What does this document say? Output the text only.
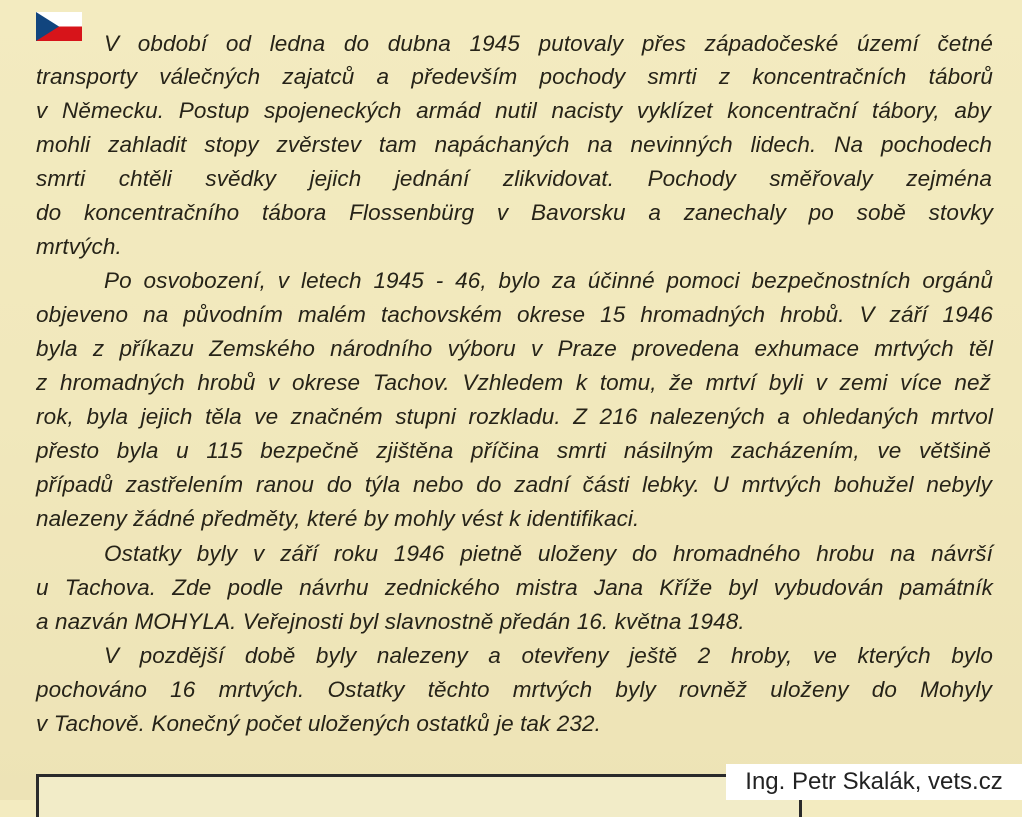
V období od ledna do dubna 1945 putovaly přes západočeské území četné
transporty válečných zajatců a především pochody smrti z koncentračních táborů
v Německu. Postup spojeneckých armád nutil nacisty vyklízet koncentrační tábory, aby
mohli zahladit stopy zvěrstev tam napáchaných na nevinných lidech. Na pochodech
smrti chtěli svědky jejich jednání zlikvidovat. Pochody směřovaly zejména
do koncentračního tábora Flossenbürg v Bavorsku a zanechaly po sobě stovky
mrtvých.
Po osvobození, v letech 1945 - 46, bylo za účinné pomoci bezpečnostních orgánů
objeveno na původním malém tachovském okrese 15 hromadných hrobů. V září 1946
byla z příkazu Zemského národního výboru v Praze provedena exhumace mrtvých těl
z hromadných hrobů v okrese Tachov. Vzhledem k tomu, že mrtví byli v zemi více než
rok, byla jejich těla ve značném stupni rozkladu. Z 216 nalezených a ohledaných mrtvol
přesto byla u 115 bezpečně zjištěna příčina smrti násilným zacházením, ve většině
případů zastřelením ranou do týla nebo do zadní části lebky. U mrtvých bohužel nebyly
nalezeny žádné předměty, které by mohly vést k identifikaci.
Ostatky byly v září roku 1946 pietně uloženy do hromadného hrobu na návrší
u Tachova. Zde podle návrhu zednického mistra Jana Kříže byl vybudován památník
a nazván MOHYLA. Veřejnosti byl slavnostně předán 16. května 1948.
V pozdější době byly nalezeny a otevřeny ještě 2 hroby, ve kterých bylo
pochováno 16 mrtvých. Ostatky těchto mrtvých byly rovněž uloženy do Mohyly
v Tachově. Konečný počet uložených ostatků je tak 232.
Ing. Petr Skalák, vets.cz
